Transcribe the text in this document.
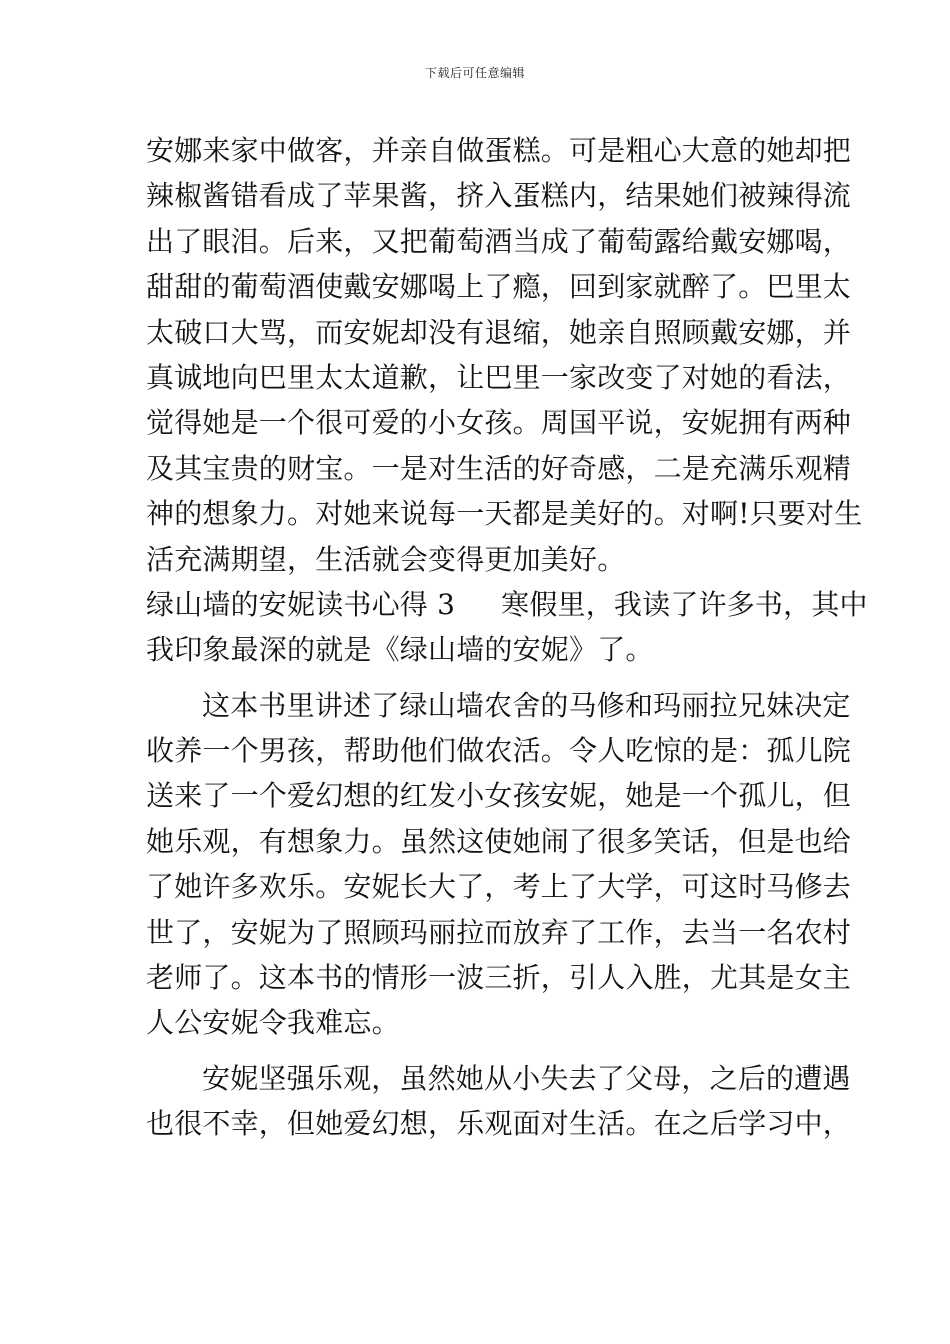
下载后可任意编辑
安娜来家中做客，并亲自做蛋糕。可是粗心大意的她却把
辣椒酱错看成了苹果酱，挤入蛋糕内，结果她们被辣得流
出了眼泪。后来，又把葡萄酒当成了葡萄露给戴安娜喝，
甜甜的葡萄酒使戴安娜喝上了瘾，回到家就醉了。巴里太
太破口大骂，而安妮却没有退缩，她亲自照顾戴安娜，并
真诚地向巴里太太道歉，让巴里一家改变了对她的看法，
觉得她是一个很可爱的小女孩。周国平说，安妮拥有两种
及其宝贵的财宝。一是对生活的好奇感，二是充满乐观精
神的想象力。对她来说每一天都是美好的。对啊!只要对生
活充满期望，生活就会变得更加美好。
绿山墙的安妮读书心得 3 寒假里，我读了许多书，其中
我印象最深的就是《绿山墙的安妮》了。
这本书里讲述了绿山墙农舍的马修和玛丽拉兄妹决定
收养一个男孩，帮助他们做农活。令人吃惊的是：孤儿院
送来了一个爱幻想的红发小女孩安妮，她是一个孤儿，但
她乐观，有想象力。虽然这使她闹了很多笑话，但是也给
了她许多欢乐。安妮长大了，考上了大学，可这时马修去
世了，安妮为了照顾玛丽拉而放弃了工作，去当一名农村
老师了。这本书的情形一波三折，引人入胜，尤其是女主
人公安妮令我难忘。
安妮坚强乐观，虽然她从小失去了父母，之后的遭遇
也很不幸，但她爱幻想，乐观面对生活。在之后学习中，
